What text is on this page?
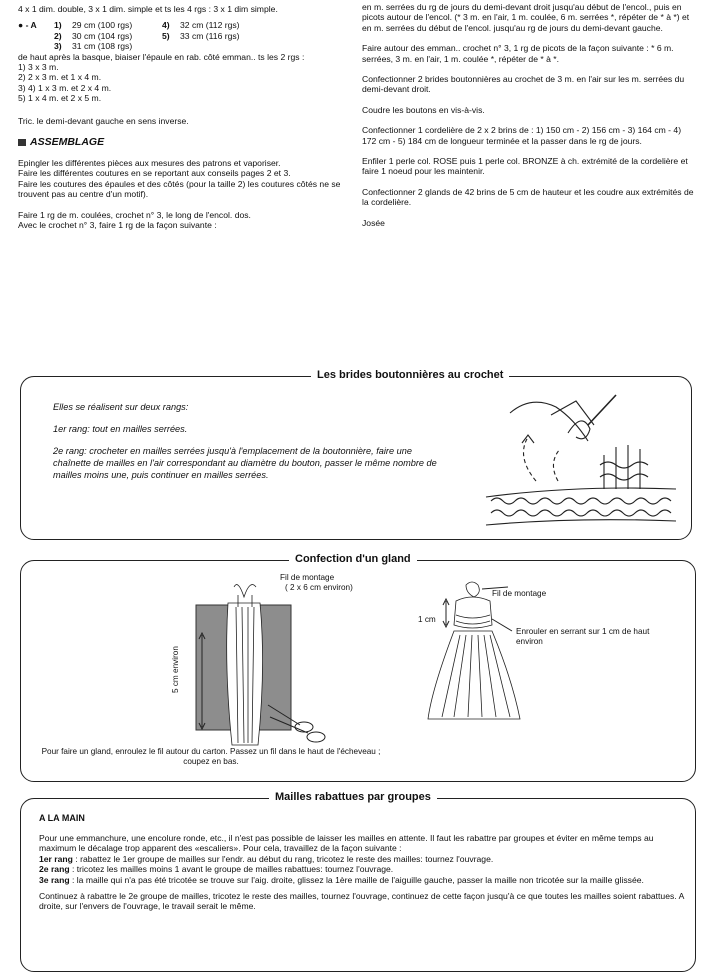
4 x 1 dim. double, 3 x 1 dim. simple et ts les 4 rgs : 3 x 1 dim simple.

● - A	1)	29 cm (100 rgs)	4)	32 cm (112 rgs)
2)	30 cm (104 rgs)	5)	33 cm (116 rgs)
3)	31 cm (108 rgs)

de haut après la basque, biaiser l'épaule en rab. côté emman.. ts les 2 rgs :

1) 3 x 3 m.

2) 2 x 3 m. et 1 x 4 m.

3) 4) 1 x 3 m. et 2 x 4 m.

5) 1 x 4 m. et 2 x 5 m.

Tric. le demi-devant gauche en sens inverse.

ASSEMBLAGE

Epingler les différentes pièces aux mesures des patrons et vaporiser.

Faire les différentes coutures en se reportant aux conseils pages 2 et 3.

Faire les coutures des épaules et des côtés (pour la taille 2) les coutures côtés ne se trouvent pas au centre d'un motif).

Faire 1 rg de m. coulées, crochet n° 3, le long de l'encol. dos.

Avec le crochet n° 3, faire 1 rg de la façon suivante :

en m. serrées du rg de jours du demi-devant droit jusqu'au début de l'encol., puis en picots autour de l'encol. (* 3 m. en l'air, 1 m. coulée, 6 m. serrées *, répéter de * à *) et en m. serrées du début de l'encol. jusqu'au rg de jours du demi-devant gauche.

Faire autour des emman.. crochet n° 3, 1 rg de picots de la façon suivante : * 6 m. serrées, 3 m. en l'air, 1 m. coulée *, répéter de * à *.

Confectionner 2 brides boutonnières au crochet de 3 m. en l'air sur les m. serrées du demi-devant droit.

Coudre les boutons en vis-à-vis.

Confectionner 1 cordelière de 2 x 2 brins de : 1) 150 cm - 2) 156 cm - 3) 164 cm - 4) 172 cm - 5) 184 cm de longueur terminée et la passer dans le rg de jours.

Enfiler 1 perle col. ROSE puis 1 perle col. BRONZE à ch. extrémité de la cordelière et faire 1 noeud pour les maintenir.

Confectionner 2 glands de 42 brins de 5 cm de hauteur et les coudre aux extrémités de la cordelière.

Josée

Les brides boutonnières au crochet

Elles se réalisent sur deux rangs:

1er rang: tout en mailles serrées.

2e rang: crocheter en mailles serrées jusqu'à l'emplacement de la boutonnière, faire une chaînette de mailles en l'air correspondant au diamètre du bouton, passer le même nombre de mailles moins une, puis continuer en mailles serrées.

Confection d'un gland
Fil de montage
( 2 x 6 cm environ)
5 cm environ
Fil de montage
1 cm
Enrouler en serrant sur 1 cm de haut environ
Pour faire un gland, enroulez le fil autour du carton. Passez un fil dans le haut de l'écheveau ; coupez en bas.
Mailles rabattues par groupes
A LA MAIN

Pour une emmanchure, une encolure ronde, etc., il n'est pas possible de laisser les mailles en attente. Il faut les rabattre par groupes et éviter en même temps au maximum le décalage trop apparent des «escaliers». Pour cela, travaillez de la façon suivante :

1er rang : rabattez le 1er groupe de mailles sur l'endr. au début du rang, tricotez le reste des mailles: tournez l'ouvrage.

2e rang : tricotez les mailles moins 1 avant le groupe de mailles rabattues: tournez l'ouvrage.

3e rang : la maille qui n'a pas été tricotée se trouve sur l'aig. droite, glissez la 1ère maille de l'aiguille gauche, passer la maille non tricotée sur la maille glissée.

Continuez à rabattre le 2e groupe de mailles, tricotez le reste des mailles, tournez l'ouvrage, continuez de cette façon jusqu'à ce que toutes les mailles soient rabattues. A droite, sur l'envers de l'ouvrage, le travail serait le même.
